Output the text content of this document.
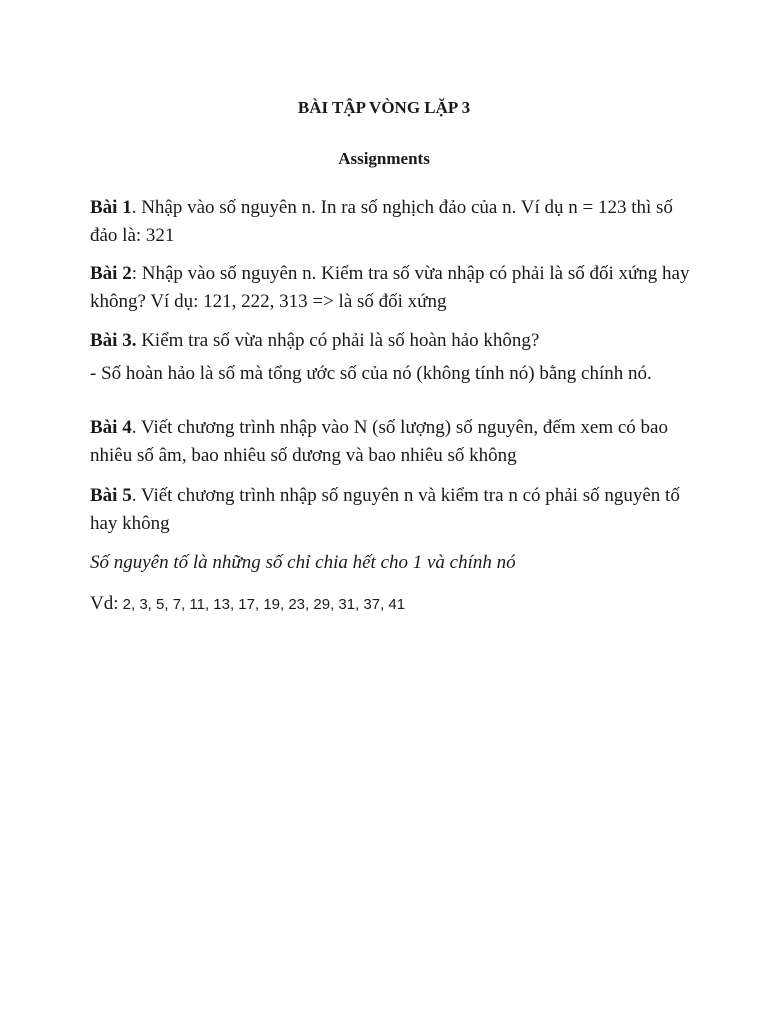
BÀI TẬP VÒNG LẶP 3
Assignments
Bài 1. Nhập vào số nguyên n. In ra số nghịch đảo của n. Ví dụ n = 123 thì số đảo là: 321
Bài 2: Nhập vào số nguyên n. Kiểm tra số vừa nhập có phải là số đối xứng hay không? Ví dụ: 121, 222, 313 => là số đối xứng
Bài 3. Kiểm tra số vừa nhập có phải là số hoàn hảo không?
- Số hoàn hảo là số mà tổng ước số của nó (không tính nó) bằng chính nó.
Bài 4. Viết chương trình nhập vào N (số lượng) số nguyên, đếm xem có bao nhiêu số âm, bao nhiêu số dương và bao nhiêu số không
Bài 5. Viết chương trình nhập số nguyên n và kiểm tra n có phải số nguyên tố hay không
Số nguyên tố là những số chỉ chia hết cho 1 và chính nó
Vd: 2, 3, 5, 7, 11, 13, 17, 19, 23, 29, 31, 37, 41
